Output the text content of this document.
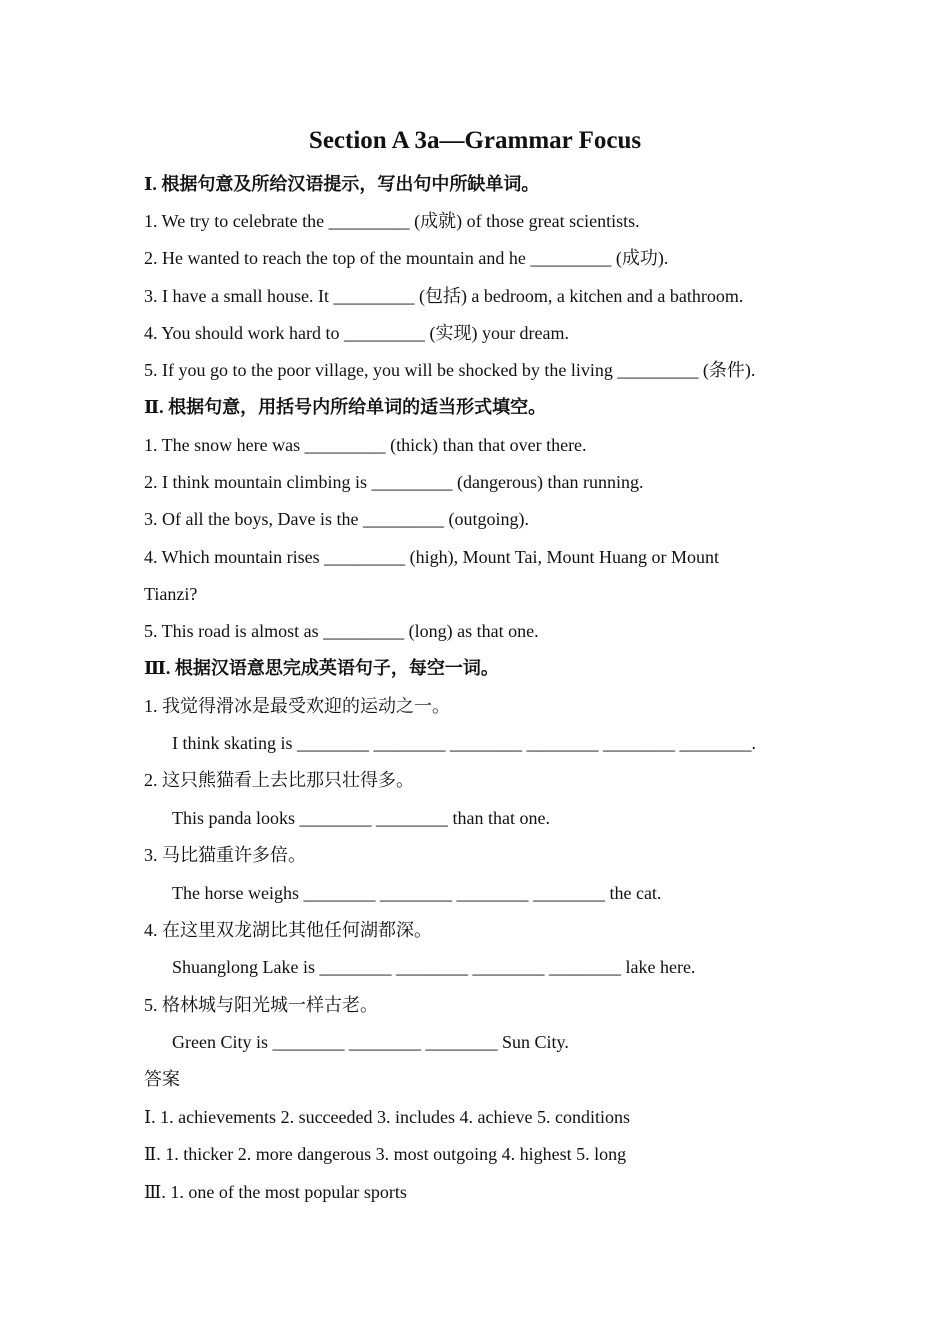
Section A 3a—Grammar Focus
Ⅰ. 根据句意及所给汉语提示，写出句中所缺单词。
1. We try to celebrate the _________ (成就) of those great scientists.
2. He wanted to reach the top of the mountain and he _________ (成功).
3. I have a small house. It _________ (包括) a bedroom, a kitchen and a bathroom.
4. You should work hard to _________ (实现) your dream.
5. If you go to the poor village, you will be shocked by the living _________ (条件).
Ⅱ. 根据句意，用括号内所给单词的适当形式填空。
1. The snow here was _________ (thick) than that over there.
2. I think mountain climbing is _________ (dangerous) than running.
3. Of all the boys, Dave is the _________ (outgoing).
4. Which mountain rises _________ (high), Mount Tai, Mount Huang or Mount
Tianzi?
5. This road is almost as _________ (long) as that one.
Ⅲ. 根据汉语意思完成英语句子，每空一词。
1. 我觉得滑冰是最受欢迎的运动之一。
I think skating is ________ ________ ________ ________ ________ ________.
2. 这只熊猫看上去比那只壮得多。
This panda looks ________ ________ than that one.
3. 马比猫重许多倍。
The horse weighs ________ ________ ________ ________ the cat.
4. 在这里双龙湖比其他任何湖都深。
Shuanglong Lake is ________ ________ ________ ________ lake here.
5. 格林城与阳光城一样古老。
Green City is ________ ________ ________ Sun City.
答案
Ⅰ. 1. achievements 2. succeeded 3. includes 4. achieve 5. conditions
Ⅱ. 1. thicker 2. more dangerous 3. most outgoing 4. highest 5. long
Ⅲ. 1. one of the most popular sports
